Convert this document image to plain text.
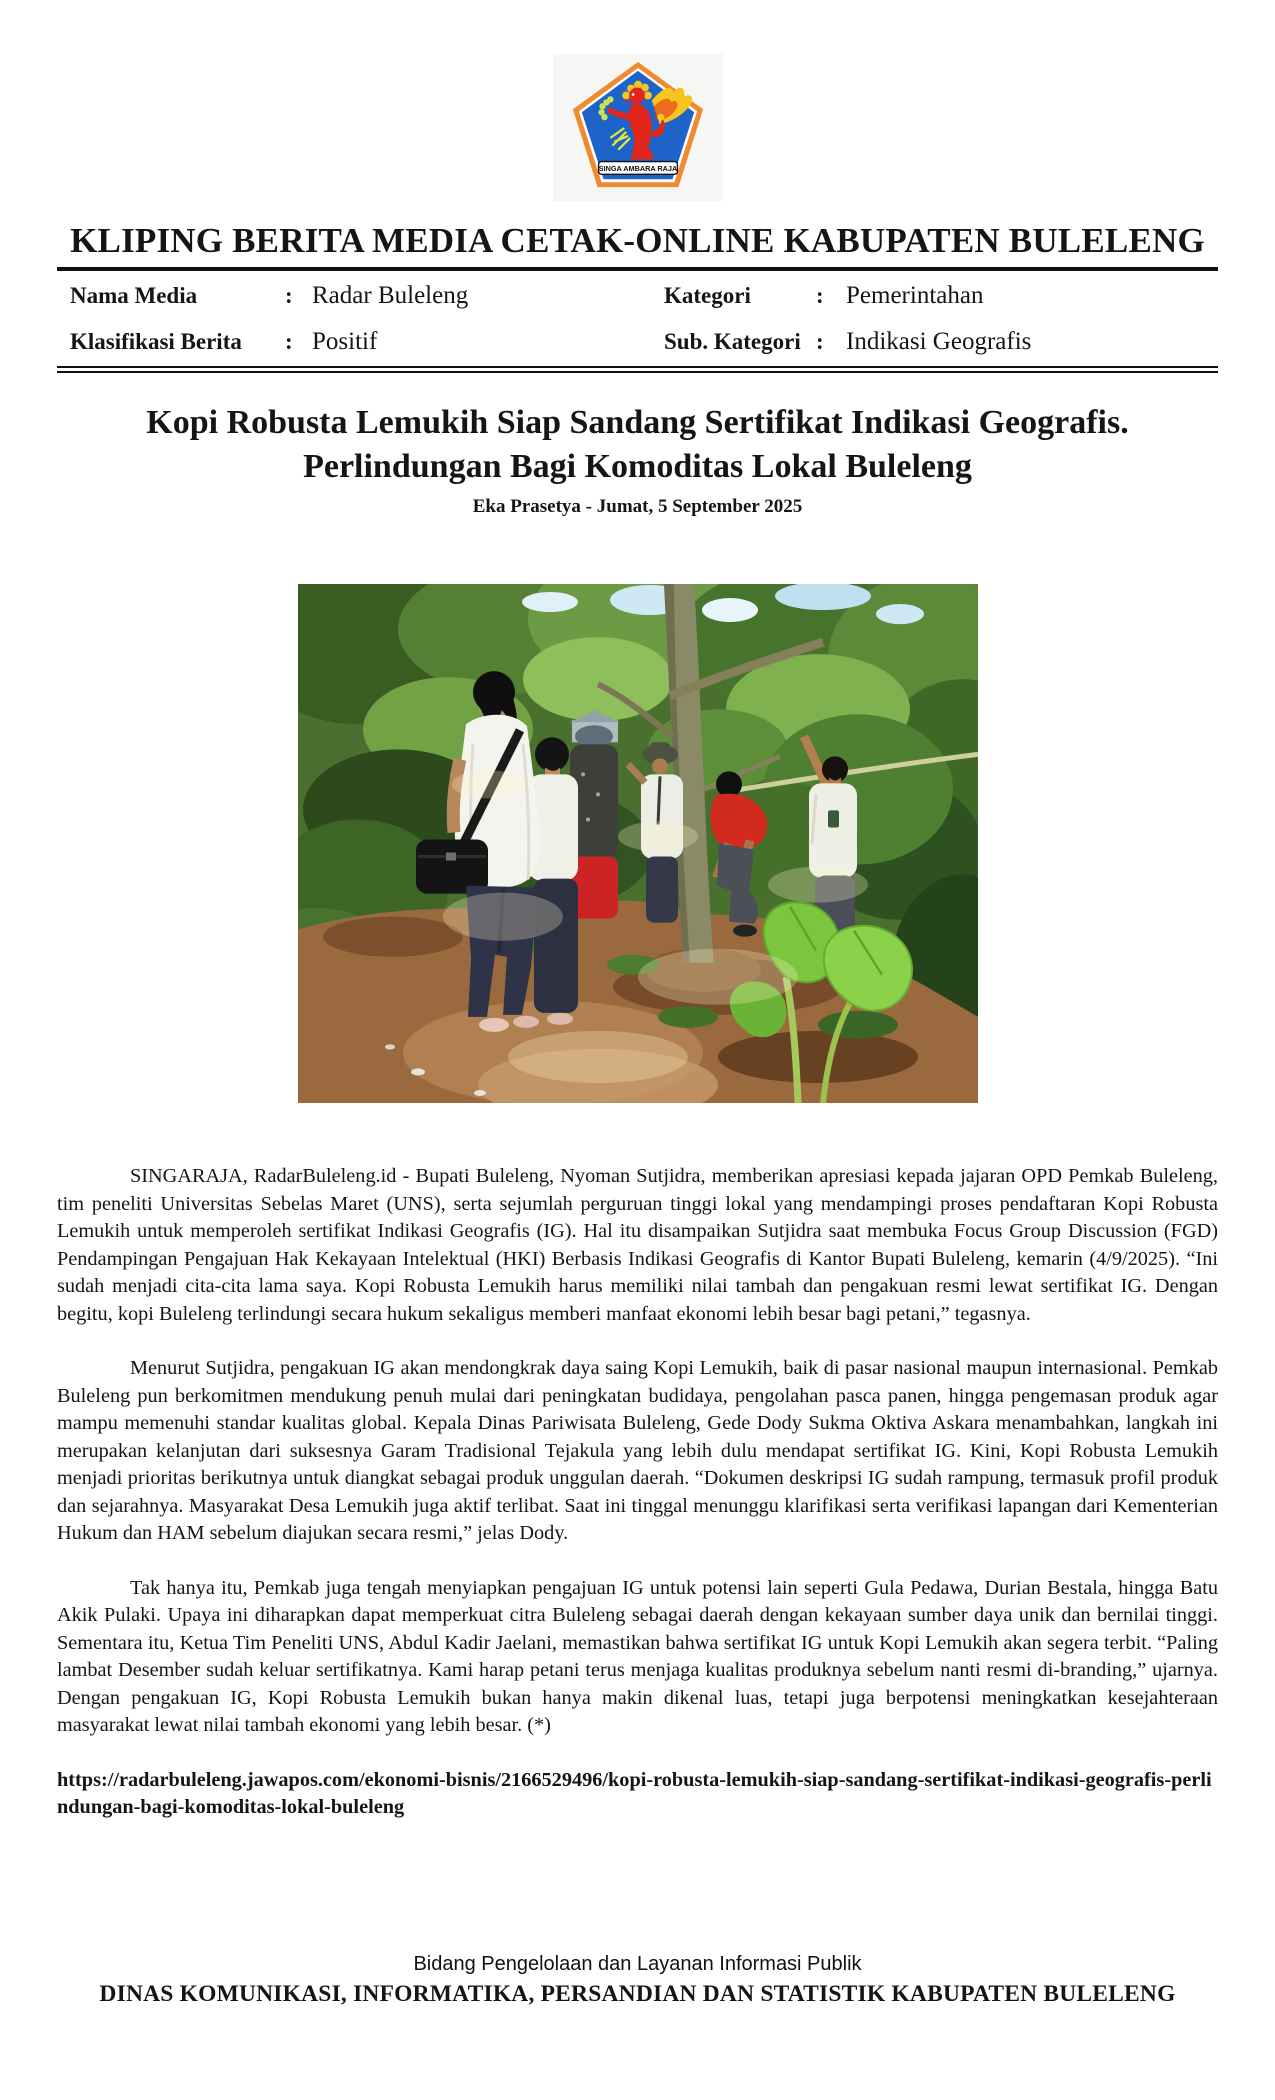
SINGA AMBARA RAJA
KLIPING BERITA MEDIA CETAK-ONLINE KABUPATEN BULELENG
Nama Media	: Radar Buleleng	Kategori	: Pemerintahan
Klasifikasi Berita	: Positif	Sub. Kategori : Indikasi Geografis
Kopi Robusta Lemukih Siap Sandang Sertifikat Indikasi Geografis.
Perlindungan Bagi Komoditas Lokal Buleleng
Eka Prasetya - Jumat, 5 September 2025

SINGARAJA, RadarBuleleng.id - Bupati Buleleng, Nyoman Sutjidra, memberikan apresiasi kepada jajaran OPD Pemkab Buleleng, tim peneliti Universitas Sebelas Maret (UNS), serta sejumlah perguruan tinggi lokal yang mendampingi proses pendaftaran Kopi Robusta Lemukih untuk memperoleh sertifikat Indikasi Geografis (IG). Hal itu disampaikan Sutjidra saat membuka Focus Group Discussion (FGD) Pendampingan Pengajuan Hak Kekayaan Intelektual (HKI) Berbasis Indikasi Geografis di Kantor Bupati Buleleng, kemarin (4/9/2025). “Ini sudah menjadi cita-cita lama saya. Kopi Robusta Lemukih harus memiliki nilai tambah dan pengakuan resmi lewat sertifikat IG. Dengan begitu, kopi Buleleng terlindungi secara hukum sekaligus memberi manfaat ekonomi lebih besar bagi petani,” tegasnya.

Menurut Sutjidra, pengakuan IG akan mendongkrak daya saing Kopi Lemukih, baik di pasar nasional maupun internasional. Pemkab Buleleng pun berkomitmen mendukung penuh mulai dari peningkatan budidaya, pengolahan pasca panen, hingga pengemasan produk agar mampu memenuhi standar kualitas global. Kepala Dinas Pariwisata Buleleng, Gede Dody Sukma Oktiva Askara menambahkan, langkah ini merupakan kelanjutan dari suksesnya Garam Tradisional Tejakula yang lebih dulu mendapat sertifikat IG. Kini, Kopi Robusta Lemukih menjadi prioritas berikutnya untuk diangkat sebagai produk unggulan daerah. “Dokumen deskripsi IG sudah rampung, termasuk profil produk dan sejarahnya. Masyarakat Desa Lemukih juga aktif terlibat. Saat ini tinggal menunggu klarifikasi serta verifikasi lapangan dari Kementerian Hukum dan HAM sebelum diajukan secara resmi,” jelas Dody.

Tak hanya itu, Pemkab juga tengah menyiapkan pengajuan IG untuk potensi lain seperti Gula Pedawa, Durian Bestala, hingga Batu Akik Pulaki. Upaya ini diharapkan dapat memperkuat citra Buleleng sebagai daerah dengan kekayaan sumber daya unik dan bernilai tinggi. Sementara itu, Ketua Tim Peneliti UNS, Abdul Kadir Jaelani, memastikan bahwa sertifikat IG untuk Kopi Lemukih akan segera terbit. “Paling lambat Desember sudah keluar sertifikatnya. Kami harap petani terus menjaga kualitas produknya sebelum nanti resmi di-branding,” ujarnya. Dengan pengakuan IG, Kopi Robusta Lemukih bukan hanya makin dikenal luas, tetapi juga berpotensi meningkatkan kesejahteraan masyarakat lewat nilai tambah ekonomi yang lebih besar. (*)

https://radarbuleleng.jawapos.com/ekonomi-bisnis/2166529496/kopi-robusta-lemukih-siap-sandang-sertifikat-indikasi-geografis-perlindungan-bagi-komoditas-lokal-buleleng
Bidang Pengelolaan dan Layanan Informasi Publik
DINAS KOMUNIKASI, INFORMATIKA, PERSANDIAN DAN STATISTIK KABUPATEN BULELENG
